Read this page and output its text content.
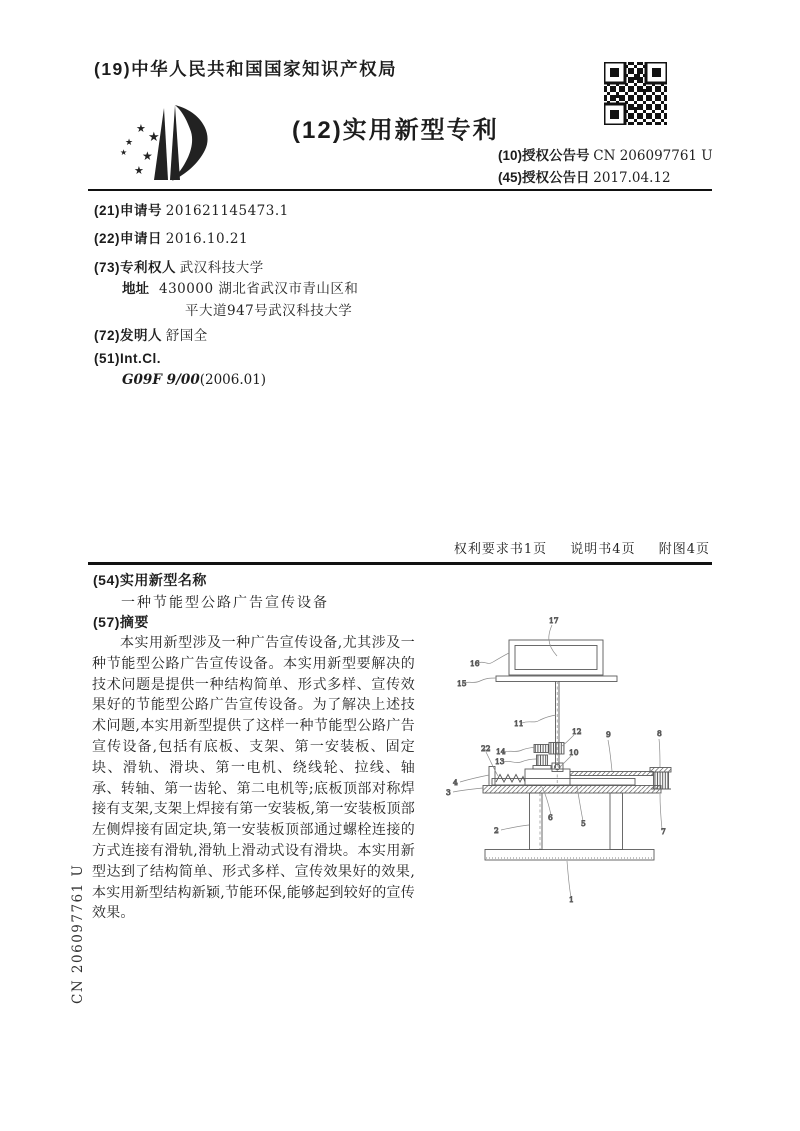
(19)中华人民共和国国家知识产权局
★ ★
★
★ ★
★
(12)实用新型专利
(10)授权公告号 CN 206097761 U
(45)授权公告日 2017.04.12
(21)申请号 201621145473.1
(22)申请日 2016.10.21
(73)专利权人 武汉科技大学
地址 430000 湖北省武汉市青山区和平大道947号武汉科技大学
(72)发明人 舒国全
(51)Int.Cl.
G09F 9/00(2006.01)
权利要求书1页 说明书4页 附图4页
(54)实用新型名称
一种节能型公路广告宣传设备
(57)摘要
本实用新型涉及一种广告宣传设备,尤其涉及一种节能型公路广告宣传设备。本实用新型要解决的技术问题是提供一种结构简单、形式多样、宣传效果好的节能型公路广告宣传设备。为了解决上述技术问题,本实用新型提供了这样一种节能型公路广告宣传设备,包括有底板、支架、第一安装板、固定块、滑轨、滑块、第一电机、绕线轮、拉线、轴承、转轴、第一齿轮、第二电机等;底板顶部对称焊接有支架,支架上焊接有第一安装板,第一安装板顶部左侧焊接有固定块,第一安装板顶部通过螺栓连接的方式连接有滑轨,滑轨上滑动式设有滑块。本实用新型达到了结构简单、形式多样、宣传效果好的效果,本实用新型结构新颖,节能环保,能够起到较好的宣传效果。
17
16
15
11
12	9	8
22 14
13
10
4
3
6
5
2	7
1
CN 206097761 U
